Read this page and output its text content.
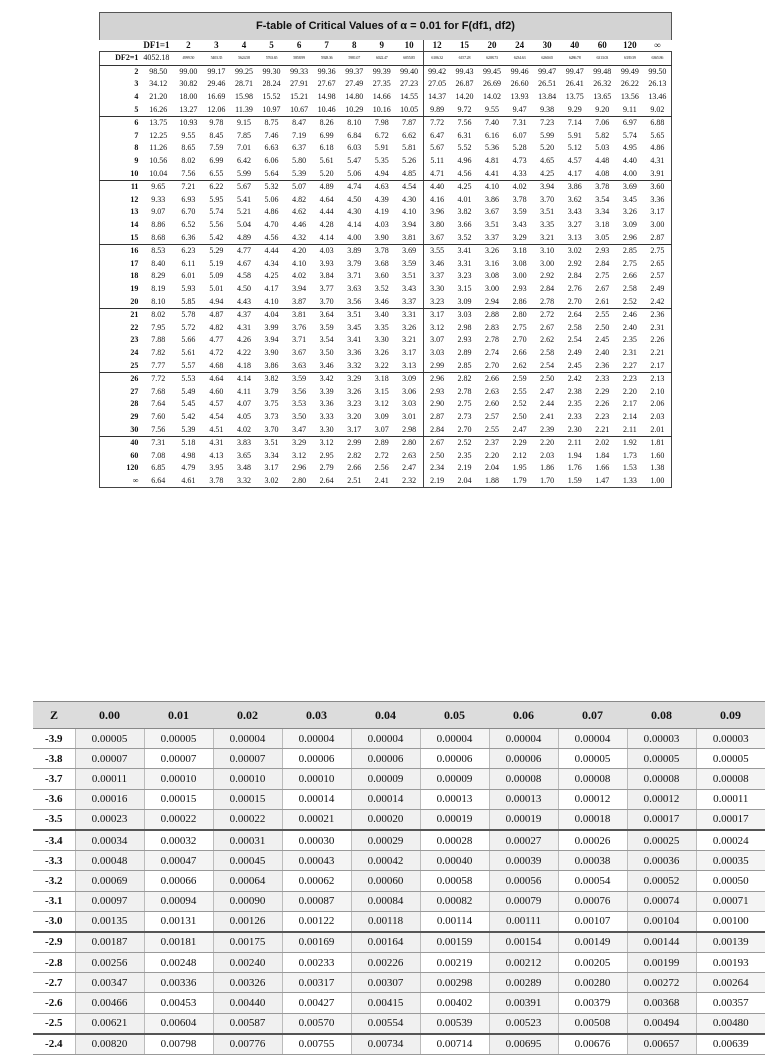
F-table of Critical Values of α = 0.01 for F(df1, df2)																			
	DF1=1	2	3	4	5	6	7	8	9	10	12	15	20	24	30	40	60	120	∞
DF2=1	4052.18	4999.50	5403.35	5624.58	5763.65	5858.99	5928.36	5981.07	6022.47	6055.85	6106.32	6157.28	6208.73	6234.63	6260.65	6286.78	6313.03	6339.39	6365.86
2	98.50	99.00	99.17	99.25	99.30	99.33	99.36	99.37	99.39	99.40	99.42	99.43	99.45	99.46	99.47	99.47	99.48	99.49	99.50
3	34.12	30.82	29.46	28.71	28.24	27.91	27.67	27.49	27.35	27.23	27.05	26.87	26.69	26.60	26.51	26.41	26.32	26.22	26.13
4	21.20	18.00	16.69	15.98	15.52	15.21	14.98	14.80	14.66	14.55	14.37	14.20	14.02	13.93	13.84	13.75	13.65	13.56	13.46
5	16.26	13.27	12.06	11.39	10.97	10.67	10.46	10.29	10.16	10.05	9.89	9.72	9.55	9.47	9.38	9.29	9.20	9.11	9.02
6	13.75	10.93	9.78	9.15	8.75	8.47	8.26	8.10	7.98	7.87	7.72	7.56	7.40	7.31	7.23	7.14	7.06	6.97	6.88
7	12.25	9.55	8.45	7.85	7.46	7.19	6.99	6.84	6.72	6.62	6.47	6.31	6.16	6.07	5.99	5.91	5.82	5.74	5.65
8	11.26	8.65	7.59	7.01	6.63	6.37	6.18	6.03	5.91	5.81	5.67	5.52	5.36	5.28	5.20	5.12	5.03	4.95	4.86
9	10.56	8.02	6.99	6.42	6.06	5.80	5.61	5.47	5.35	5.26	5.11	4.96	4.81	4.73	4.65	4.57	4.48	4.40	4.31
10	10.04	7.56	6.55	5.99	5.64	5.39	5.20	5.06	4.94	4.85	4.71	4.56	4.41	4.33	4.25	4.17	4.08	4.00	3.91
11	9.65	7.21	6.22	5.67	5.32	5.07	4.89	4.74	4.63	4.54	4.40	4.25	4.10	4.02	3.94	3.86	3.78	3.69	3.60
12	9.33	6.93	5.95	5.41	5.06	4.82	4.64	4.50	4.39	4.30	4.16	4.01	3.86	3.78	3.70	3.62	3.54	3.45	3.36
13	9.07	6.70	5.74	5.21	4.86	4.62	4.44	4.30	4.19	4.10	3.96	3.82	3.67	3.59	3.51	3.43	3.34	3.26	3.17
14	8.86	6.52	5.56	5.04	4.70	4.46	4.28	4.14	4.03	3.94	3.80	3.66	3.51	3.43	3.35	3.27	3.18	3.09	3.00
15	8.68	6.36	5.42	4.89	4.56	4.32	4.14	4.00	3.90	3.81	3.67	3.52	3.37	3.29	3.21	3.13	3.05	2.96	2.87
16	8.53	6.23	5.29	4.77	4.44	4.20	4.03	3.89	3.78	3.69	3.55	3.41	3.26	3.18	3.10	3.02	2.93	2.85	2.75
17	8.40	6.11	5.19	4.67	4.34	4.10	3.93	3.79	3.68	3.59	3.46	3.31	3.16	3.08	3.00	2.92	2.84	2.75	2.65
18	8.29	6.01	5.09	4.58	4.25	4.02	3.84	3.71	3.60	3.51	3.37	3.23	3.08	3.00	2.92	2.84	2.75	2.66	2.57
19	8.19	5.93	5.01	4.50	4.17	3.94	3.77	3.63	3.52	3.43	3.30	3.15	3.00	2.93	2.84	2.76	2.67	2.58	2.49
20	8.10	5.85	4.94	4.43	4.10	3.87	3.70	3.56	3.46	3.37	3.23	3.09	2.94	2.86	2.78	2.70	2.61	2.52	2.42
21	8.02	5.78	4.87	4.37	4.04	3.81	3.64	3.51	3.40	3.31	3.17	3.03	2.88	2.80	2.72	2.64	2.55	2.46	2.36
22	7.95	5.72	4.82	4.31	3.99	3.76	3.59	3.45	3.35	3.26	3.12	2.98	2.83	2.75	2.67	2.58	2.50	2.40	2.31
23	7.88	5.66	4.77	4.26	3.94	3.71	3.54	3.41	3.30	3.21	3.07	2.93	2.78	2.70	2.62	2.54	2.45	2.35	2.26
24	7.82	5.61	4.72	4.22	3.90	3.67	3.50	3.36	3.26	3.17	3.03	2.89	2.74	2.66	2.58	2.49	2.40	2.31	2.21
25	7.77	5.57	4.68	4.18	3.86	3.63	3.46	3.32	3.22	3.13	2.99	2.85	2.70	2.62	2.54	2.45	2.36	2.27	2.17
26	7.72	5.53	4.64	4.14	3.82	3.59	3.42	3.29	3.18	3.09	2.96	2.82	2.66	2.59	2.50	2.42	2.33	2.23	2.13
27	7.68	5.49	4.60	4.11	3.79	3.56	3.39	3.26	3.15	3.06	2.93	2.78	2.63	2.55	2.47	2.38	2.29	2.20	2.10
28	7.64	5.45	4.57	4.07	3.75	3.53	3.36	3.23	3.12	3.03	2.90	2.75	2.60	2.52	2.44	2.35	2.26	2.17	2.06
29	7.60	5.42	4.54	4.05	3.73	3.50	3.33	3.20	3.09	3.01	2.87	2.73	2.57	2.50	2.41	2.33	2.23	2.14	2.03
30	7.56	5.39	4.51	4.02	3.70	3.47	3.30	3.17	3.07	2.98	2.84	2.70	2.55	2.47	2.39	2.30	2.21	2.11	2.01
40	7.31	5.18	4.31	3.83	3.51	3.29	3.12	2.99	2.89	2.80	2.67	2.52	2.37	2.29	2.20	2.11	2.02	1.92	1.81
60	7.08	4.98	4.13	3.65	3.34	3.12	2.95	2.82	2.72	2.63	2.50	2.35	2.20	2.12	2.03	1.94	1.84	1.73	1.60
120	6.85	4.79	3.95	3.48	3.17	2.96	2.79	2.66	2.56	2.47	2.34	2.19	2.04	1.95	1.86	1.76	1.66	1.53	1.38
∞	6.64	4.61	3.78	3.32	3.02	2.80	2.64	2.51	2.41	2.32	2.19	2.04	1.88	1.79	1.70	1.59	1.47	1.33	1.00
Z	0.00	0.01	0.02	0.03	0.04	0.05	0.06	0.07	0.08	0.09
-3.9	0.00005	0.00005	0.00004	0.00004	0.00004	0.00004	0.00004	0.00004	0.00003	0.00003
-3.8	0.00007	0.00007	0.00007	0.00006	0.00006	0.00006	0.00006	0.00005	0.00005	0.00005
-3.7	0.00011	0.00010	0.00010	0.00010	0.00009	0.00009	0.00008	0.00008	0.00008	0.00008
-3.6	0.00016	0.00015	0.00015	0.00014	0.00014	0.00013	0.00013	0.00012	0.00012	0.00011
-3.5	0.00023	0.00022	0.00022	0.00021	0.00020	0.00019	0.00019	0.00018	0.00017	0.00017
-3.4	0.00034	0.00032	0.00031	0.00030	0.00029	0.00028	0.00027	0.00026	0.00025	0.00024
-3.3	0.00048	0.00047	0.00045	0.00043	0.00042	0.00040	0.00039	0.00038	0.00036	0.00035
-3.2	0.00069	0.00066	0.00064	0.00062	0.00060	0.00058	0.00056	0.00054	0.00052	0.00050
-3.1	0.00097	0.00094	0.00090	0.00087	0.00084	0.00082	0.00079	0.00076	0.00074	0.00071
-3.0	0.00135	0.00131	0.00126	0.00122	0.00118	0.00114	0.00111	0.00107	0.00104	0.00100
-2.9	0.00187	0.00181	0.00175	0.00169	0.00164	0.00159	0.00154	0.00149	0.00144	0.00139
-2.8	0.00256	0.00248	0.00240	0.00233	0.00226	0.00219	0.00212	0.00205	0.00199	0.00193
-2.7	0.00347	0.00336	0.00326	0.00317	0.00307	0.00298	0.00289	0.00280	0.00272	0.00264
-2.6	0.00466	0.00453	0.00440	0.00427	0.00415	0.00402	0.00391	0.00379	0.00368	0.00357
-2.5	0.00621	0.00604	0.00587	0.00570	0.00554	0.00539	0.00523	0.00508	0.00494	0.00480
-2.4	0.00820	0.00798	0.00776	0.00755	0.00734	0.00714	0.00695	0.00676	0.00657	0.00639
